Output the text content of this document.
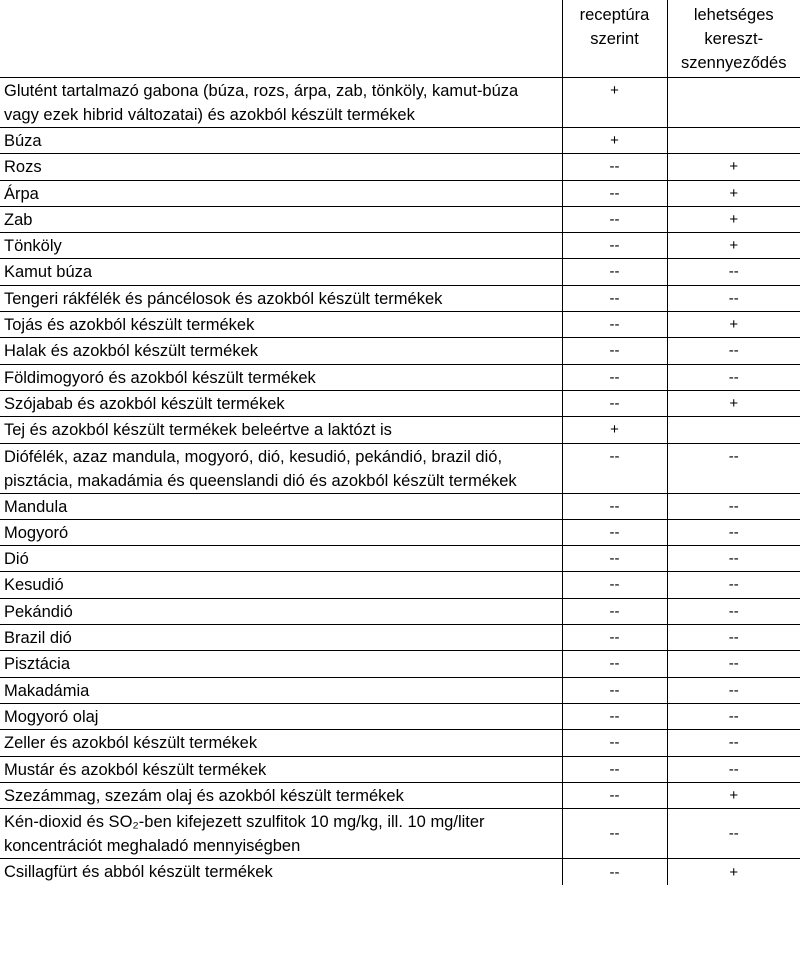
	receptúra szerint	lehetséges kereszt-szennyeződés
Glutént tartalmazó gabona (búza, rozs, árpa, zab, tönköly, kamut-búza vagy ezek hibrid változatai) és azokból készült termékek	+	
Búza	+	
Rozs	--	+
Árpa	--	+
Zab	--	+
Tönköly	--	+
Kamut búza	--	--
Tengeri rákfélék és páncélosok és azokból készült termékek	--	--
Tojás és azokból készült termékek	--	+
Halak és azokból készült termékek	--	--
Földimogyoró és azokból készült termékek	--	--
Szójabab és azokból készült termékek	--	+
Tej és azokból készült termékek beleértve a laktózt is	+	
Diófélék, azaz mandula, mogyoró, dió, kesudió, pekándió, brazil dió, pisztácia, makadámia és queenslandi dió és azokból készült termékek	--	--
Mandula	--	--
Mogyoró	--	--
Dió	--	--
Kesudió	--	--
Pekándió	--	--
Brazil dió	--	--
Pisztácia	--	--
Makadámia	--	--
Mogyoró olaj	--	--
Zeller és azokból készült termékek	--	--
Mustár és azokból készült termékek	--	--
Szezámmag, szezám olaj és azokból készült termékek	--	+
Kén-dioxid és SO₂-ben kifejezett szulfitok 10 mg/kg, ill. 10 mg/liter koncentrációt meghaladó mennyiségben	--	--
Csillagfürt és abból készült termékek	--	+
